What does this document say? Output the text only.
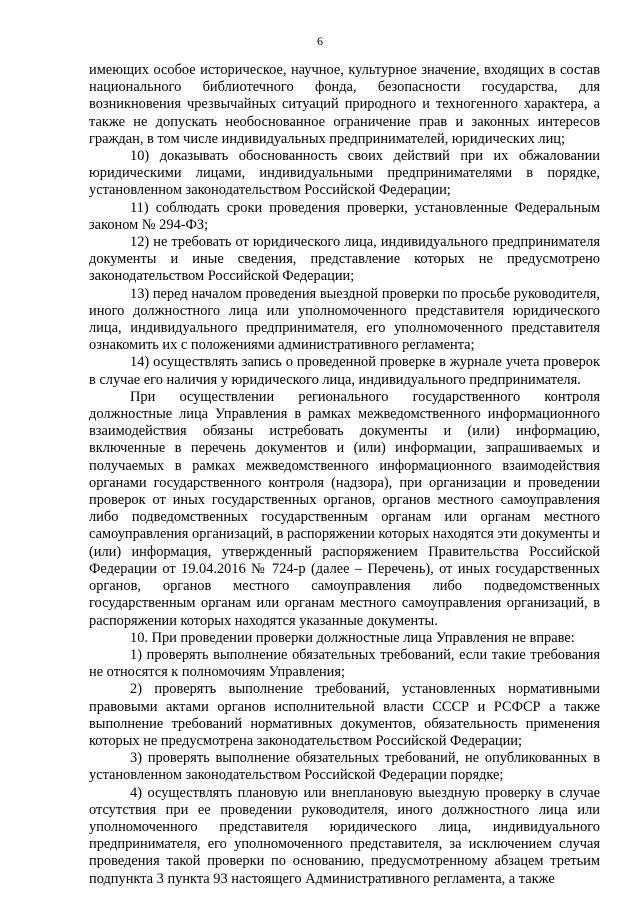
6

имеющих особое историческое, научное, культурное значение, входящих в состав национального библиотечного фонда, безопасности государства, для возникновения чрезвычайных ситуаций природного и техногенного характера, а также не допускать необоснованное ограничение прав и законных интересов граждан, в том числе индивидуальных предпринимателей, юридических лиц;

10) доказывать обоснованность своих действий при их обжаловании юридическими лицами, индивидуальными предпринимателями в порядке, установленном законодательством Российской Федерации;

11) соблюдать сроки проведения проверки, установленные Федеральным законом № 294-ФЗ;

12) не требовать от юридического лица, индивидуального предпринимателя документы и иные сведения, представление которых не предусмотрено законодательством Российской Федерации;

13) перед началом проведения выездной проверки по просьбе руководителя, иного должностного лица или уполномоченного представителя юридического лица, индивидуального предпринимателя, его уполномоченного представителя ознакомить их с положениями административного регламента;

14) осуществлять запись о проведенной проверке в журнале учета проверок в случае его наличия у юридического лица, индивидуального предпринимателя.

При осуществлении регионального государственного контроля должностные лица Управления в рамках межведомственного информационного взаимодействия обязаны истребовать документы и (или) информацию, включенные в перечень документов и (или) информации, запрашиваемых и получаемых в рамках межведомственного информационного взаимодействия органами государственного контроля (надзора), при организации и проведении проверок от иных государственных органов, органов местного самоуправления либо подведомственных государственным органам или органам местного самоуправления организаций, в распоряжении которых находятся эти документы и (или) информация, утвержденный распоряжением Правительства Российской Федерации от 19.04.2016 № 724-р (далее – Перечень), от иных государственных органов, органов местного самоуправления либо подведомственных государственным органам или органам местного самоуправления организаций, в распоряжении которых находятся указанные документы.

10. При проведении проверки должностные лица Управления не вправе:

1) проверять выполнение обязательных требований, если такие требования не относятся к полномочиям Управления;

2) проверять выполнение требований, установленных нормативными правовыми актами органов исполнительной власти СССР и РСФСР а также выполнение требований нормативных документов, обязательность применения которых не предусмотрена законодательством Российской Федерации;

3) проверять выполнение обязательных требований, не опубликованных в установленном законодательством Российской Федерации порядке;

4) осуществлять плановую или внеплановую выездную проверку в случае отсутствия при ее проведении руководителя, иного должностного лица или уполномоченного представителя юридического лица, индивидуального предпринимателя, его уполномоченного представителя, за исключением случая проведения такой проверки по основанию, предусмотренному абзацем третьим подпункта 3 пункта 93 настоящего Административного регламента, а также
